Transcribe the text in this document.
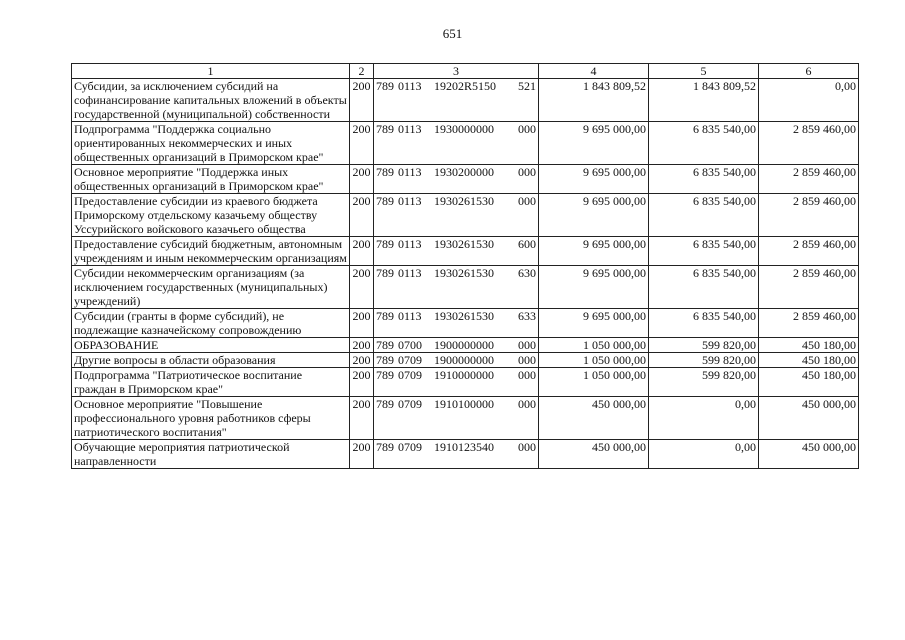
651
1	2	3	4	5	6
Субсидии, за исключением субсидий на софинансирование капитальных вложений в объекты государственной (муниципальной) собственности	200	789 0113 19202R5150 521	1 843 809,52	1 843 809,52	0,00
Подпрограмма "Поддержка социально ориентированных некоммерческих и иных общественных организаций в Приморском крае"	200	789 0113 1930000000 000	9 695 000,00	6 835 540,00	2 859 460,00
Основное мероприятие "Поддержка иных общественных организаций в Приморском крае"	200	789 0113 1930200000 000	9 695 000,00	6 835 540,00	2 859 460,00
Предоставление субсидии из краевого бюджета Приморскому отдельскому казачьему обществу Уссурийского войскового казачьего общества	200	789 0113 1930261530 000	9 695 000,00	6 835 540,00	2 859 460,00
Предоставление субсидий бюджетным, автономным учреждениям и иным некоммерческим организациям	200	789 0113 1930261530 600	9 695 000,00	6 835 540,00	2 859 460,00
Субсидии некоммерческим организациям (за исключением государственных (муниципальных) учреждений)	200	789 0113 1930261530 630	9 695 000,00	6 835 540,00	2 859 460,00
Субсидии (гранты в форме субсидий), не подлежащие казначейскому сопровождению	200	789 0113 1930261530 633	9 695 000,00	6 835 540,00	2 859 460,00
ОБРАЗОВАНИЕ	200	789 0700 1900000000 000	1 050 000,00	599 820,00	450 180,00
Другие вопросы в области образования	200	789 0709 1900000000 000	1 050 000,00	599 820,00	450 180,00
Подпрограмма "Патриотическое воспитание граждан в Приморском крае"	200	789 0709 1910000000 000	1 050 000,00	599 820,00	450 180,00
Основное мероприятие "Повышение профессионального уровня работников сферы патриотического воспитания"	200	789 0709 1910100000 000	450 000,00	0,00	450 000,00
Обучающие мероприятия патриотической направленности	200	789 0709 1910123540 000	450 000,00	0,00	450 000,00
